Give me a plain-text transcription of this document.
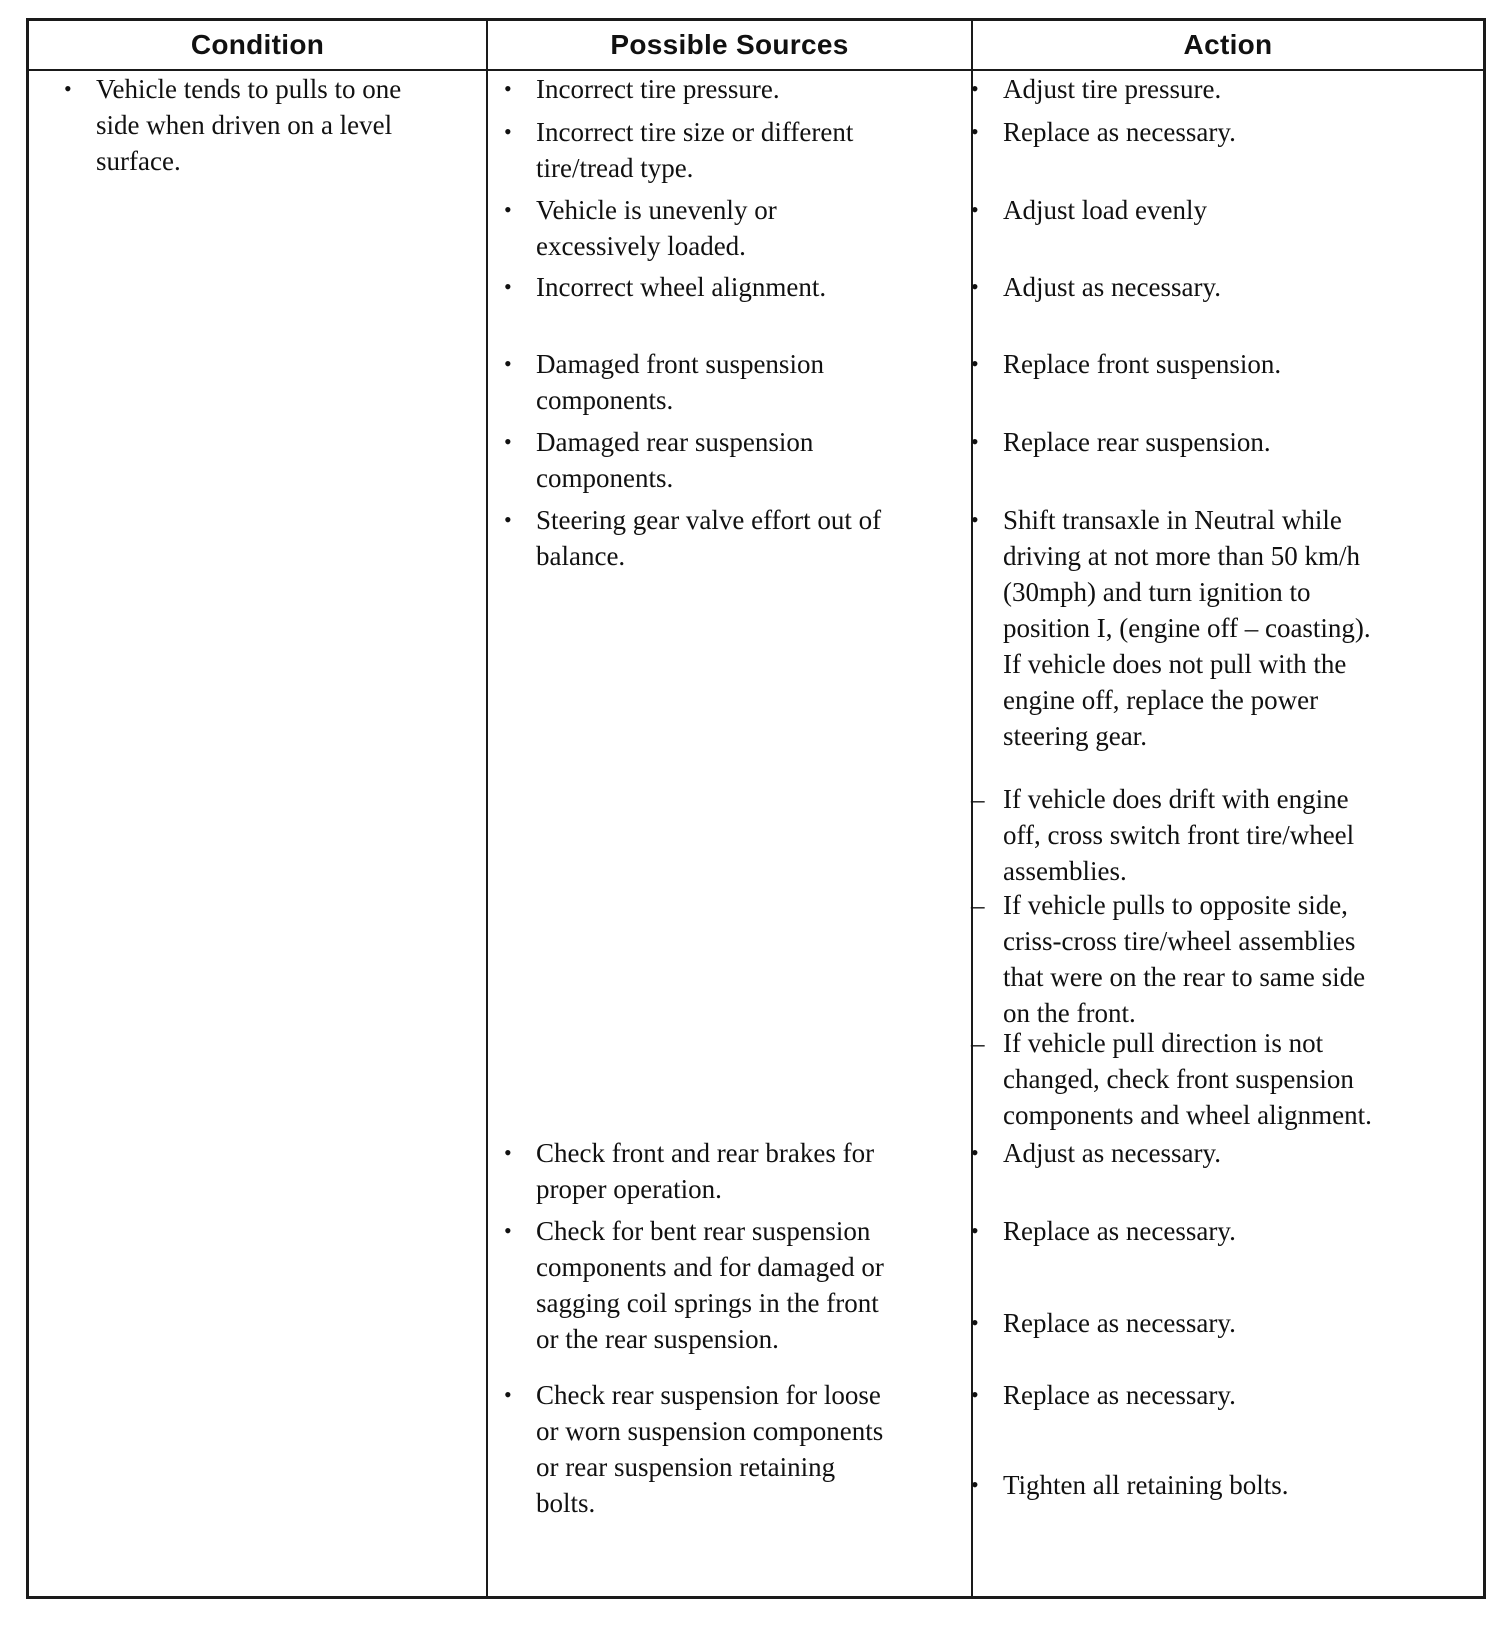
Condition	Possible Sources	Action
• Vehicle tends to pulls to one
side when driven on a level
surface.
• Incorrect tire pressure.
• Incorrect tire size or different
tire/tread type.
• Vehicle is unevenly or
excessively loaded.
• Incorrect wheel alignment.
• Damaged front suspension
components.
• Damaged rear suspension
components.
• Steering gear valve effort out of
balance.
• Check front and rear brakes for
proper operation.
• Check for bent rear suspension
components and for damaged or
sagging coil springs in the front
or the rear suspension.
• Check rear suspension for loose
or worn suspension components
or rear suspension retaining
bolts.
• Adjust tire pressure.
• Replace as necessary.
• Adjust load evenly
• Adjust as necessary.
• Replace front suspension.
• Replace rear suspension.
• Shift transaxle in Neutral while
driving at not more than 50 km/h
(30mph) and turn ignition to
position I, (engine off – coasting).
If vehicle does not pull with the
engine off, replace the power
steering gear.
– If vehicle does drift with engine
off, cross switch front tire/wheel
assemblies.
– If vehicle pulls to opposite side,
criss-cross tire/wheel assemblies
that were on the rear to same side
on the front.
– If vehicle pull direction is not
changed, check front suspension
components and wheel alignment.
• Adjust as necessary.
• Replace as necessary.
• Replace as necessary.
• Replace as necessary.
• Tighten all retaining bolts.
